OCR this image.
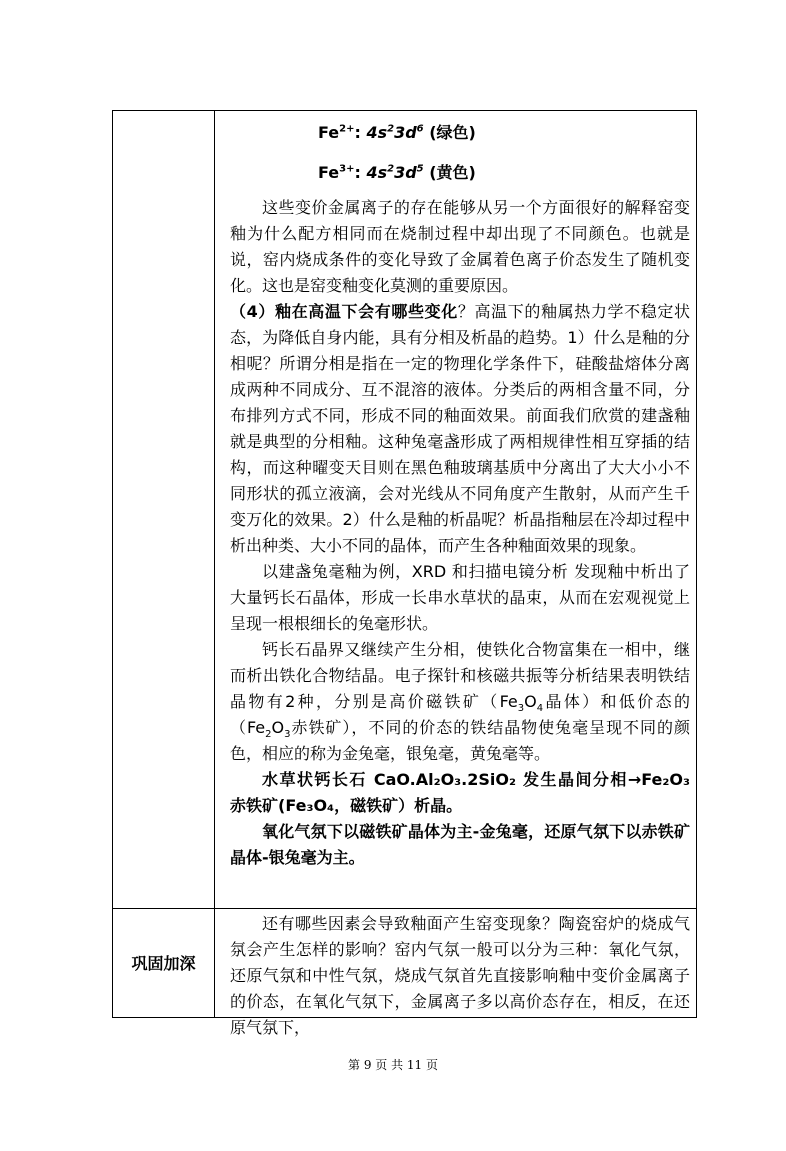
$Fe^{2+}$: $4s^23d^6$ (绿色)
$Fe^{3+}$: $4s^23d^5$ (黄色)

这些变价金属离子的存在能够从另一个方面很好的解释窑变釉为什么配方相同而在烧制过程中却出现了不同颜色。也就是说，窑内烧成条件的变化导致了金属着色离子价态发生了随机变化。这也是窑变釉变化莫测的重要原因。

（4）釉在高温下会有哪些变化？高温下的釉属热力学不稳定状态，为降低自身内能，具有分相及析晶的趋势。1）什么是釉的分相呢？所谓分相是指在一定的物理化学条件下，硅酸盐熔体分离成两种不同成分、互不混溶的液体。分类后的两相含量不同，分布排列方式不同，形成不同的釉面效果。前面我们欣赏的建盏釉就是典型的分相釉。这种兔毫盏形成了两相规律性相互穿插的结构，而这种曜变天目则在黑色釉玻璃基质中分离出了大大小小不同形状的孤立液滴，会对光线从不同角度产生散射，从而产生千变万化的效果。2）什么是釉的析晶呢？析晶指釉层在冷却过程中析出种类、大小不同的晶体，而产生各种釉面效果的现象。

以建盏兔毫釉为例，XRD 和扫描电镜分析 发现釉中析出了大量钙长石晶体，形成一长串水草状的晶束，从而在宏观视觉上呈现一根根细长的兔毫形状。

钙长石晶界又继续产生分相，使铁化合物富集在一相中，继而析出铁化合物结晶。电子探针和核磁共振等分析结果表明铁结晶物有2种，分别是高价磁铁矿（$Fe_3O_4$晶体）和低价态的（$Fe_2O_3$赤铁矿），不同的价态的铁结晶物使兔毫呈现不同的颜色，相应的称为金兔毫，银兔毫，黄兔毫等。

水草状钙长石 CaO.Al₂O₃.2SiO₂ 发生晶间分相→Fe₂O₃ 赤铁矿(Fe₃O₄，磁铁矿）析晶。

氧化气氛下以磁铁矿晶体为主-金兔毫，还原气氛下以赤铁矿晶体-银兔毫为主。

巩固加深

还有哪些因素会导致釉面产生窑变现象？陶瓷窑炉的烧成气氛会产生怎样的影响？窑内气氛一般可以分为三种：氧化气氛，还原气氛和中性气氛，烧成气氛首先直接影响釉中变价金属离子的价态，在氧化气氛下，金属离子多以高价态存在，相反，在还原气氛下，

第 9 页 共 11 页
